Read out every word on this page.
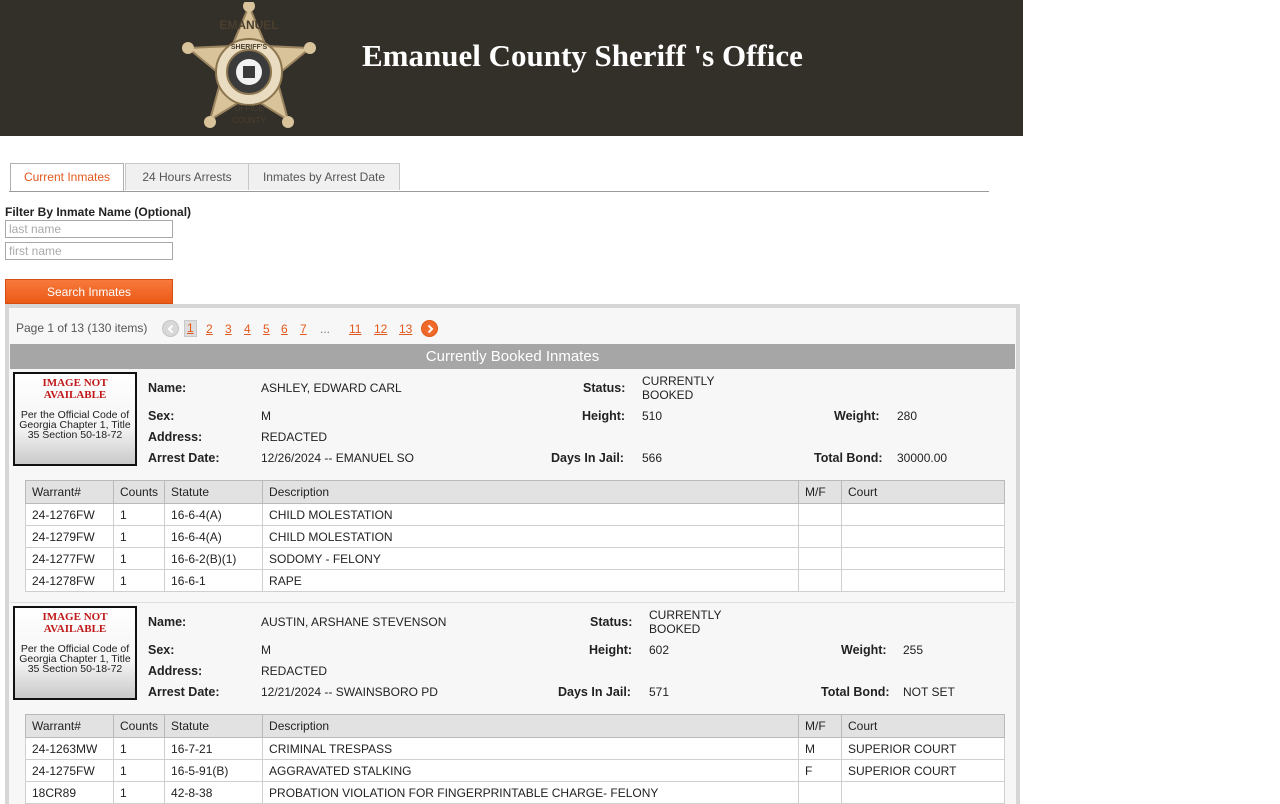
EMANUEL
SHERIFF'S
OFFICE
COUNTY
Emanuel County Sheriff 's Office
Current Inmates	24 Hours Arrests	Inmates by Arrest Date
Filter By Inmate Name (Optional)
last name
first name
Search Inmates
Page 1 of 13 (130 items)	1 2 3 4 5 6 7 ... 11 12 13
Currently Booked Inmates
IMAGE NOT AVAILABLE
Per the Official Code of Georgia Chapter 1, Title 35 Section 50-18-72
Name:	ASHLEY, EDWARD CARL	Status: CURRENTLY
BOOKED
Sex:	M	Height: 510	Weight: 280
Address:	REDACTED
Arrest Date:	12/26/2024 -- EMANUEL SO	Days In Jail: 566	Total Bond: 30000.00
Warrant#	Counts	Statute	Description	M/F	Court
24-1276FW	1	16-6-4(A)	CHILD MOLESTATION		
24-1279FW	1	16-6-4(A)	CHILD MOLESTATION		
24-1277FW	1	16-6-2(B)(1)	SODOMY - FELONY		
24-1278FW	1	16-6-1	RAPE		
IMAGE NOT AVAILABLE
Per the Official Code of Georgia Chapter 1, Title 35 Section 50-18-72
Name:	AUSTIN, ARSHANE STEVENSON	Status: CURRENTLY
BOOKED
Sex:	M	Height: 602	Weight: 255
Address:	REDACTED
Arrest Date:	12/21/2024 -- SWAINSBORO PD	Days In Jail: 571	Total Bond: NOT SET
Warrant#	Counts	Statute	Description	M/F	Court
24-1263MW	1	16-7-21	CRIMINAL TRESPASS	M	SUPERIOR COURT
24-1275FW	1	16-5-91(B)	AGGRAVATED STALKING	F	SUPERIOR COURT
18CR89	1	42-8-38	PROBATION VIOLATION FOR FINGERPRINTABLE CHARGE- FELONY		
